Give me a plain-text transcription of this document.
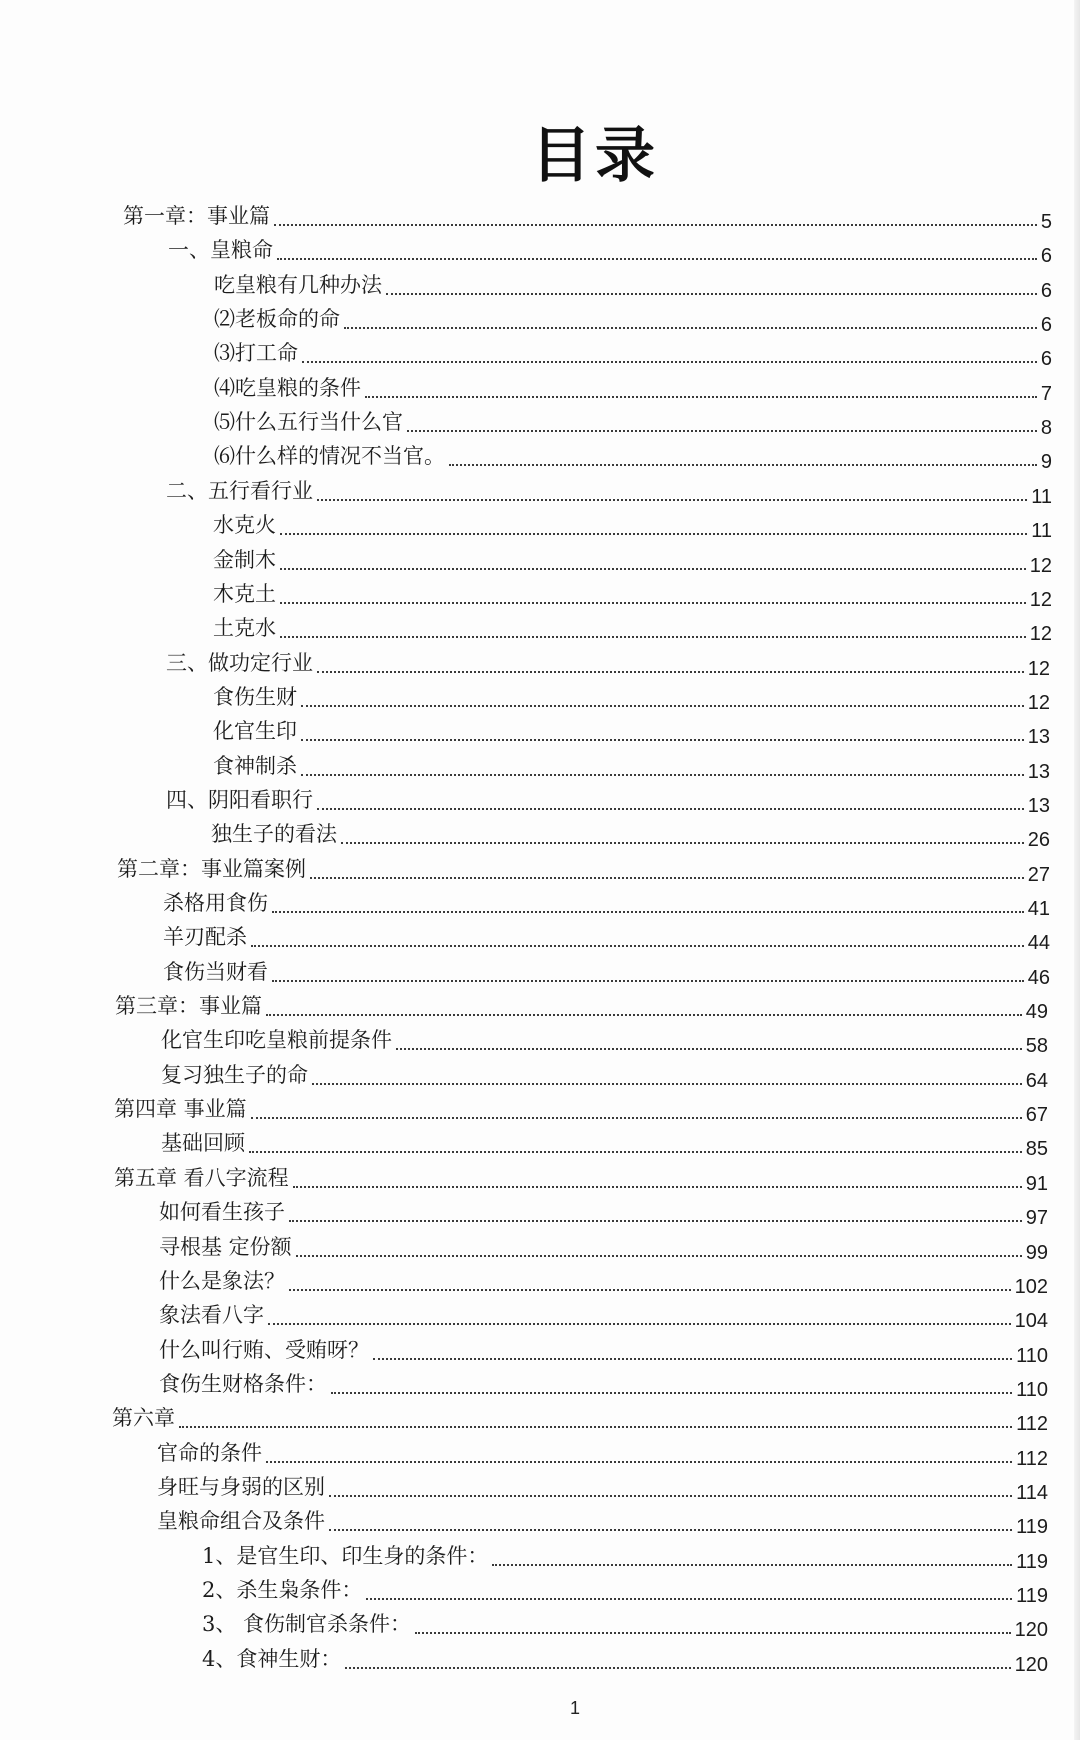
目录
第一章：事业篇	5
一、皇粮命	6
吃皇粮有几种办法	6
⑵老板命的命	6
⑶打工命	6
⑷吃皇粮的条件	7
⑸什么五行当什么官	8
⑹什么样的情况不当官。	9
二、五行看行业	11
水克火	11
金制木	12
木克土	12
土克水	12
三、做功定行业	12
食伤生财	12
化官生印	13
食神制杀	13
四、阴阳看职行	13
独生子的看法	26
第二章：事业篇案例	27
杀格用食伤	41
羊刃配杀	44
食伤当财看	46
第三章：事业篇	49
化官生印吃皇粮前提条件	58
复习独生子的命	64
第四章 事业篇	67
基础回顾	85
第五章 看八字流程	91
如何看生孩子	97
寻根基 定份额	99
什么是象法？	102
象法看八字	104
什么叫行贿、受贿呀？	110
食伤生财格条件：	110
第六章	112
官命的条件	112
身旺与身弱的区别	114
皇粮命组合及条件	119
1、是官生印、印生身的条件：	119
2、杀生枭条件：	119
3、 食伤制官杀条件：	120
4、食神生财：	120
1
